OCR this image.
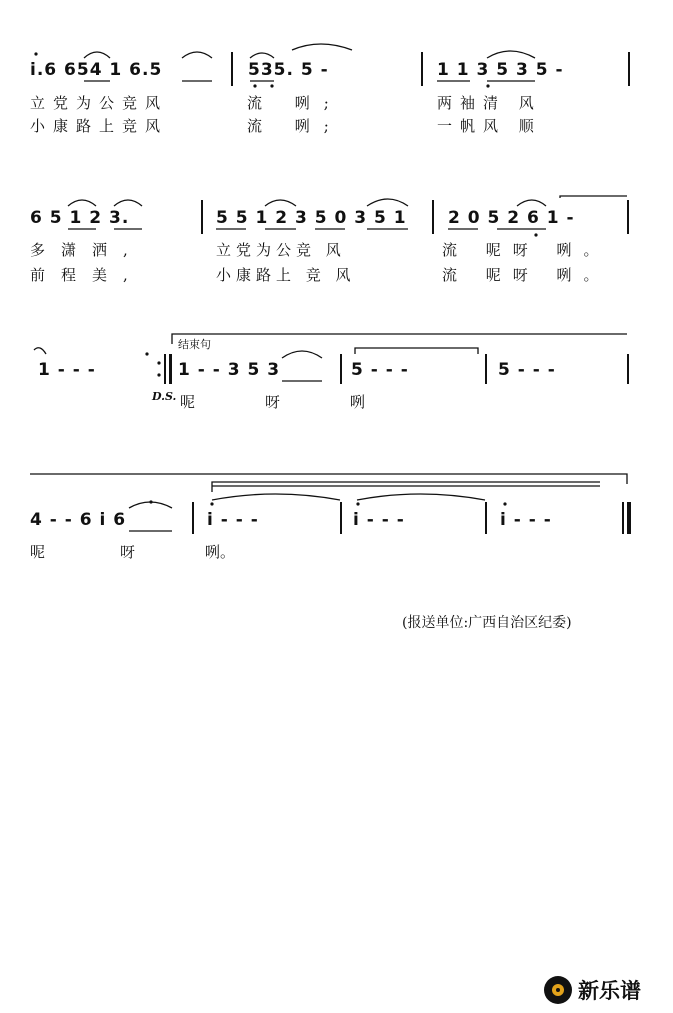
i.6 654 1 6.5	535. 5 -	1 1 3 5 3 5 -
立党为公竞风	流 咧;	两袖清 风
小康路上竞风	流 咧;	一帆风 顺
6 5 1 2 3.	5 5 1 2 3 5 0 3 5 1 2 0 5 2 6 1 -
多潇洒,	立党为公竞 风	流 呢呀 咧。
前程美,	小康路上 竞 风	流 呢呀 咧。
结束句
1 - - -	1 - - 3 5 3	5 - - -	5 - - -
D.S. 呢	呀	咧
4 - - 6 i 6	i - - -	i - - -	i - - -
呢	呀	咧。
(报送单位:广西自治区纪委)
新乐谱
